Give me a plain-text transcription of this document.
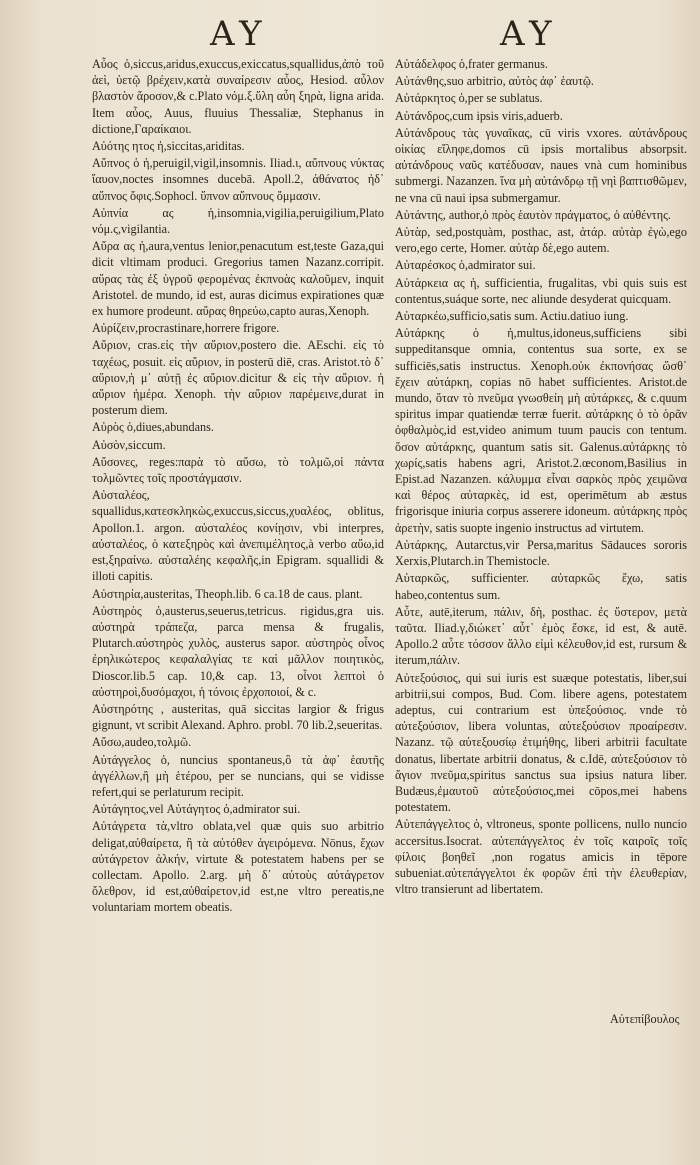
AY	AY

Αὖος ὁ,siccus,aridus,exuccus,exiccatus,squallidus,ἀπὸ τοῦ ἀεὶ, ὑετῷ βρέχειν,κατὰ συναίρεσιν αὖος, Hesiod. αὖλον βλαστὸν ἄροσον,& c.Plato νόμ.ξ.ὕλη αὖη ξηρὰ, ligna arida. Item αὖος, Auus, fluuius Thessaliæ, Stephanus in dictione,Γαραίκαιοι.

Αὐότης ητος ἡ,siccitas,ariditas.

Αὔπνος ὁ ἡ,peruigil,vigil,insomnis. Iliad.ι, αὔπνους νύκτας ἴαυον,noctes insomnes ducebā. Apoll.2, ἀθάνατος ἠδ᾽ αὔπνος ὄφις.Sophocl. ὕπνον αὔπνους ὄμμασιν.

Αὐπνία ας ἡ,insomnia,vigilia,peruigilium,Plato νόμ.ς,vigilantia.

Αὔρα ας ἡ,aura,ventus lenior,penacutum est,teste Gaza,qui dicit vltimam produci. Gregorius tamen Nazanz.corripit. αὔρας τὰς ἐξ ὑγροῦ φερομένας ἐκπνοὰς καλοῦμεν, inquit Aristotel. de mundo, id est, auras dicimus expirationes quæ ex humore prodeunt. αὔρας θηρεύω,capto auras,Xenoph.

Αὐρίζειν,procrastinare,horrere frigore.

Αὔριον, cras.εἰς τὴν αὔριον,postero die. AEschi. εἰς τὸ ταχέως, posuit. εἰς αὔριον, in posterū diē, cras. Aristot.τὸ δ᾽ αὔριον,ἡ μ᾽ αὐτῇ ἐς αὔριον.dicitur & εἰς τὴν αὔριον. ἡ αὔριον ἡμέρα. Xenoph. τὴν αὔριον παρέμεινε,durat in posterum diem.

Αὐρὸς ὁ,diues,abundans.

Αὐσὸν,siccum.

Αὔσονες, reges:παρὰ τὸ αὔσω, τὸ τολμῶ,οἱ πάντα τολμῶντες τοῖς προστάγμασιν.

Αὐσταλέος, squallidus,κατεσκληκὼς,exuccus,siccus,χυαλέος, oblitus, Apollon.1. argon. αὐσταλέος κονίῃσιν, vbi interpres, αὐσταλέος, ὁ κατεξηρὸς καὶ ἀνεπιμέλητος,à verbo αὔω,id est,ξηραίνω. αὐσταλέης κεφαλῆς,in Epigram. squallidi & illoti capitis.

Αὐστηρία,austeritas, Theoph.lib. 6 ca.18 de caus. plant.

Αὐστηρὸς ὁ,austerus,seuerus,tetricus. rigidus,gra uis. αὐστηρὰ τράπεζα, parca mensa & frugalis, Plutarch.αὐστηρὸς χυλὸς, austerus sapor. αὐστηρὸς οἶνος ἐρηλικώτερος κεφαλαλγίας τε καὶ μᾶλλον ποιητικὸς, Dioscor.lib.5 cap. 10,& cap. 13, οἶνοι λεπτοὶ ὁ αὐστηροὶ,δυσόμαχοι, ἡ τόνοις ἐρχοποιοί, & c.

Αὐστηρότης , austeritas, quā siccitas largior & frigus gignunt, vt scribit Alexand. Aphro. probl. 70 lib.2,seueritas.

Αὔσω,audeo,τολμῶ.

Αὐτάγγελος ὁ, nuncius spontaneus,ὃ τὰ ἀφ᾽ ἑαυτῆς ἀγγέλλων,ἢ μὴ ἑτέρου, per se nuncians, qui se vidisse refert,qui se perlaturum recipit.

Αὐτάγητος,vel Αὐτάγητος ὁ,admirator sui.

Αὐτάγρετα τὰ,vltro oblata,vel quæ quis suo arbitrio deligat,αὐθαίρετα, ἢ τὰ αὐτόθεν ἀγειρόμενα. Nōnus, ἔχων αὐτάγρετον ἀλκήν, virtute & potestatem habens per se collectam. Apollo. 2.arg. μὴ δ᾽ αὐτοὺς αὐτάγρετον ὄλεθρον, id est,αὐθαίρετον,id est,ne vltro pereatis,ne voluntariam mortem obeatis.

Αὐτάδελφος ὁ,frater germanus.

Αὐτάνθης,suo arbitrio, αὐτὸς ἀφ᾽ ἑαυτῷ.

Αὐτάρκητος ὁ,per se sublatus.

Αὐτάνδρος,cum ipsis viris,aduerb.

Αὐτάνδρους τὰς γυναῖκας, cū viris vxores. αὐτάνδρους οἰκίας εἴληφε,domos cū ipsis mortalibus absorpsit. αὐτάνδρους ναῦς κατέδυσαν, naues vnà cum hominibus submergi. Nazanzen. ἵνα μὴ αὐτάνδρῳ τῇ νηὶ βαπτισθῶμεν, ne vna cū naui ipsa submergamur.

Αὐτάντης, author,ὁ πρὸς ἑαυτὸν πράγματος, ὁ αὐθέντης.

Αὐτὰρ, sed,postquàm, posthac, ast, ἀτάρ. αὐτὰρ ἐγὼ,ego vero,ego certe, Homer. αὐτὰρ δὲ,ego autem.

Αὐταρέσκος ὁ,admirator sui.

Αὐτάρκεια ας ἡ, sufficientia, frugalitas, vbi quis suis est contentus,suáque sorte, nec aliunde desyderat quicquam.

Αὐταρκέω,sufficio,satis sum. Actiu.datiuo iung.

Αὐτάρκης ὁ ἡ,multus,idoneus,sufficiens sibi suppeditansque omnia, contentus sua sorte, ex se sufficiēs,satis instructus. Xenoph.οὐκ ἐκπονήσας ὥσθ᾽ ἔχειν αὐτάρκη, copias nō habet sufficientes. Aristot.de mundo, ὅταν τὸ πνεῦμα γνωσθείη μὴ αὐτάρκες, & c.quum spiritus impar quatiendæ terræ fuerit. αὐτάρκης ὁ τὸ ὁρᾶν ὀφθαλμὸς,id est,video animum tuum paucis con tentum. ὅσον αὐτάρκης, quantum satis sit. Galenus.αὐτάρκης τὸ χωρίς,satis habens agri, Aristot.2.œconom,Basilius in Epist.ad Nazanzen. κάλυμμα εἶναι σαρκὸς πρὸς χειμῶνα καὶ θέρος αὐταρκὲς, id est, operimētum ab æstus frigorisque iniuria corpus asserere idoneum. αὐτάρκης πρὸς ἀρετὴν, satis suopte ingenio instructus ad virtutem.

Αὐτάρκης, Autarctus,vir Persa,maritus Sādauces sororis Xerxis,Plutarch.in Themistocle.

Αὐταρκῶς, sufficienter. αὐταρκῶς ἔχω, satis habeo,contentus sum.

Αὖτε, autē,iterum, πάλιν, δὴ, posthac. ἐς ὕστερον, μετὰ ταῦτα. Iliad.γ,διώκετ᾽ αὖτ᾽ ἐμὸς ἔσκε, id est, & autē. Apollo.2 αὖτε τόσσον ἄλλο εἰμὶ κέλευθον,id est, rursum & iterum,πάλιν.

Αὐτεξούσιος, qui sui iuris est suæque potestatis, liber,sui arbitrii,sui compos, Bud. Com. libere agens, potestatem adeptus, cui contrarium est ὑπεξούσιος. vnde τὸ αὐτεξούσιον, libera voluntas, αὐτεξούσιον προαίρεσιν. Nazanz. τῷ αὐτεξουσίῳ ἐτιμήθης, liberi arbitrii facultate donatus, libertate arbitrii donatus, & c.Idē, αὐτεξούσιον τὸ ἅγιον πνεῦμα,spiritus sanctus sua ipsius natura liber. Budæus,ἐμαυτοῦ αὐτεξούσιος,mei cōpos,mei habens potestatem.

Αὐτεπάγγελτος ὁ, vltroneus, sponte pollicens, nullo nuncio accersitus.Isocrat. αὐτεπάγγελτος ἐν τοῖς καιροῖς τοῖς φίλοις βοηθεῖ ,non rogatus amicis in tēpore subueniat.αὐτεπάγγελτοι ἐκ φορῶν ἐπὶ τὴν ἐλευθερίαν, vltro transierunt ad libertatem.

Αὐτεπίβουλος
